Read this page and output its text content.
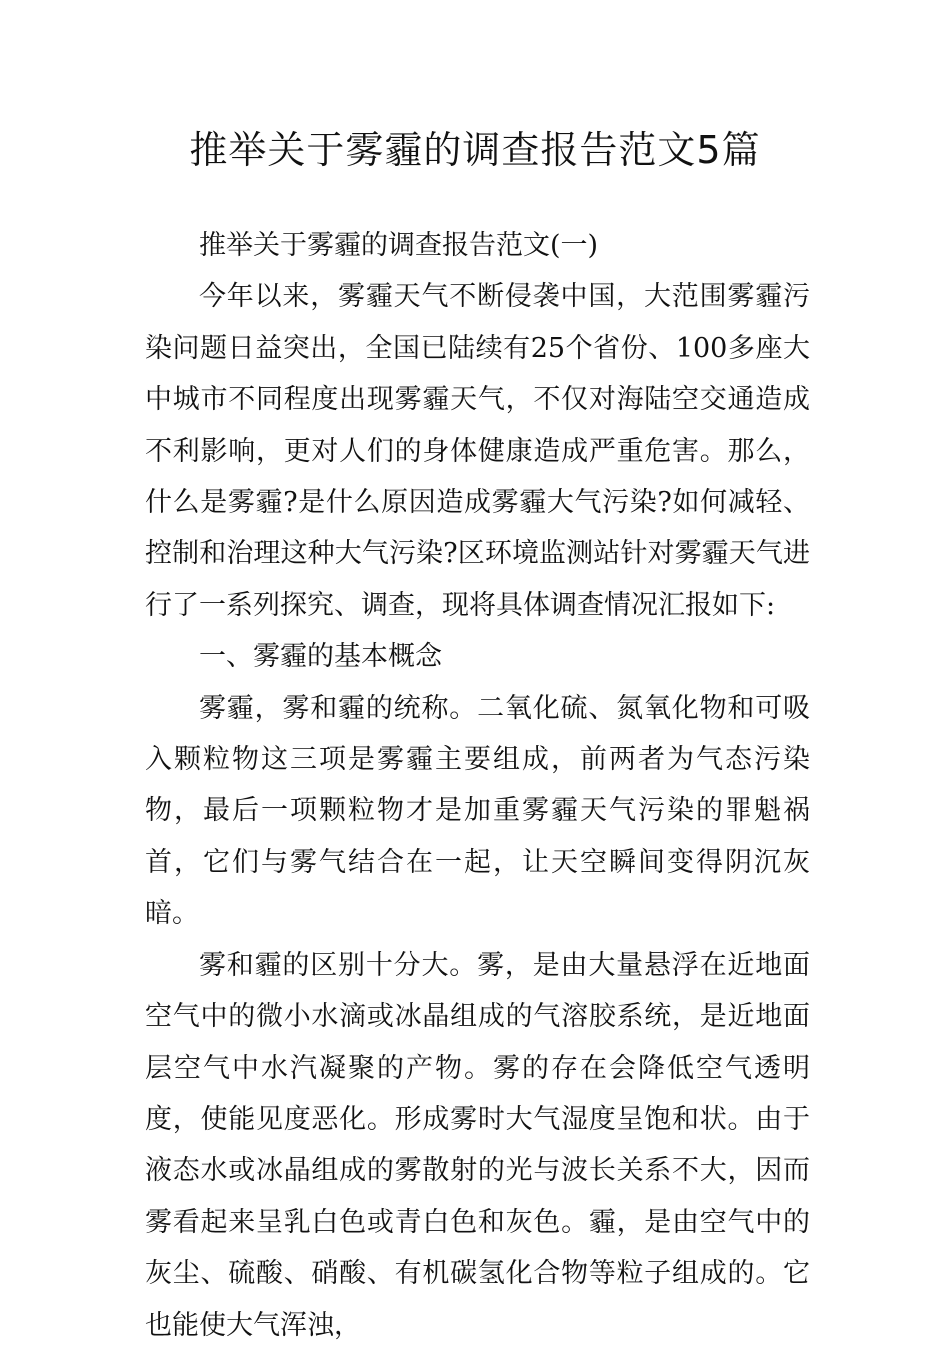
推举关于雾霾的调查报告范文5篇

推举关于雾霾的调查报告范文(一)

今年以来，雾霾天气不断侵袭中国，大范围雾霾污染问题日益突出，全国已陆续有25个省份、100多座大中城市不同程度出现雾霾天气，不仅对海陆空交通造成不利影响，更对人们的身体健康造成严重危害。那么，什么是雾霾?是什么原因造成雾霾大气污染?如何减轻、控制和治理这种大气污染?区环境监测站针对雾霾天气进行了一系列探究、调查，现将具体调查情况汇报如下:

一、雾霾的基本概念

雾霾，雾和霾的统称。二氧化硫、氮氧化物和可吸入颗粒物这三项是雾霾主要组成，前两者为气态污染物，最后一项颗粒物才是加重雾霾天气污染的罪魁祸首，它们与雾气结合在一起，让天空瞬间变得阴沉灰暗。

雾和霾的区别十分大。雾，是由大量悬浮在近地面空气中的微小水滴或冰晶组成的气溶胶系统，是近地面层空气中水汽凝聚的产物。雾的存在会降低空气透明度，使能见度恶化。形成雾时大气湿度呈饱和状。由于液态水或冰晶组成的雾散射的光与波长关系不大，因而雾看起来呈乳白色或青白色和灰色。霾，是由空气中的灰尘、硫酸、硝酸、有机碳氢化合物等粒子组成的。它也能使大气浑浊，
